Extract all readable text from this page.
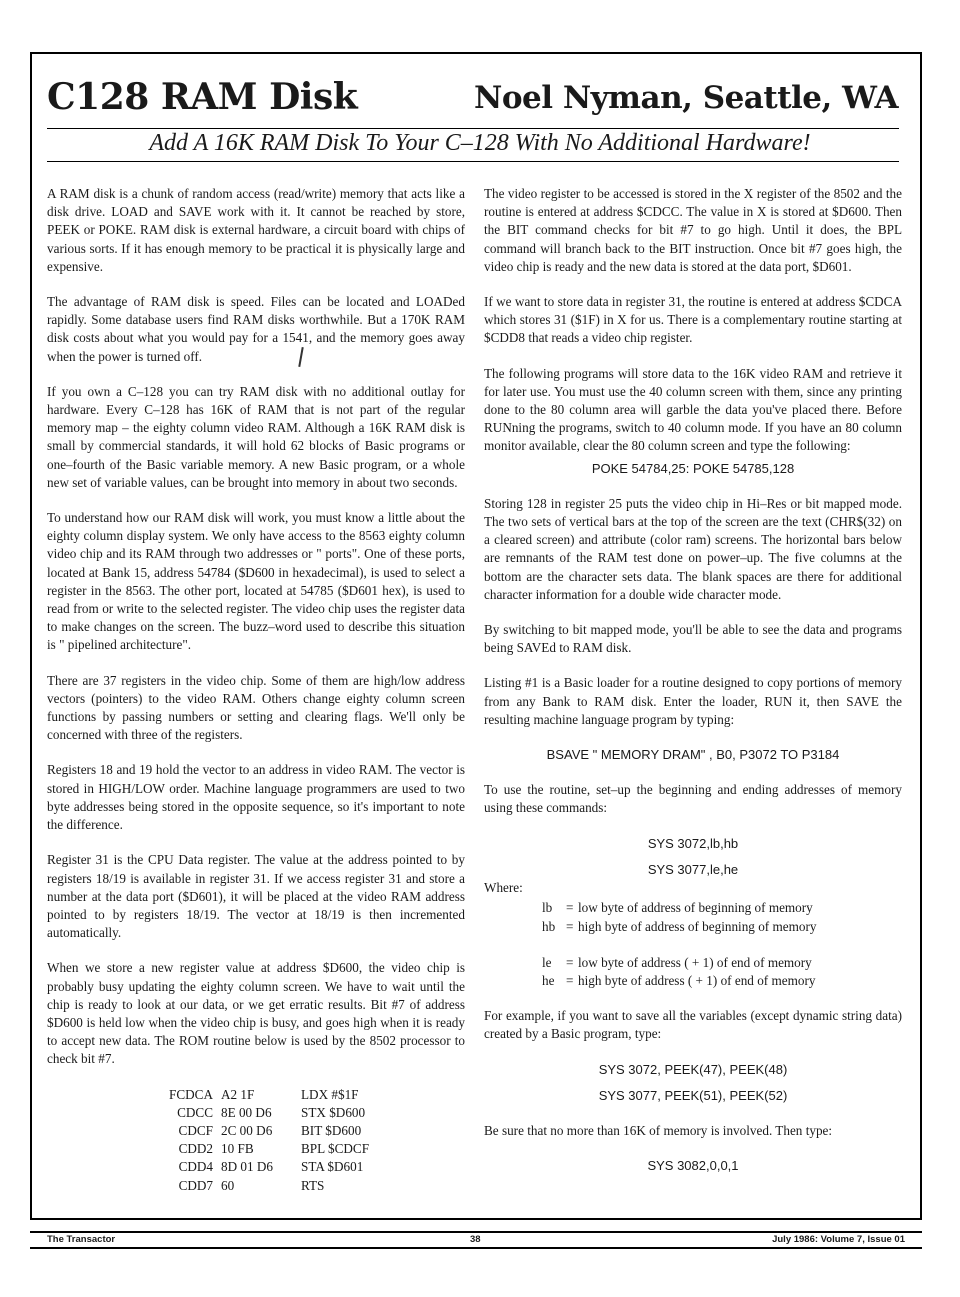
C128 RAM Disk	Noel Nyman, Seattle, WA
Add A 16K RAM Disk To Your C–128 With No Additional Hardware!

A RAM disk is a chunk of random access (read/write) memory that acts like a disk drive. LOAD and SAVE work with it. It cannot be reached by store, PEEK or POKE. RAM disk is external hardware, a circuit board with chips of various sorts. If it has enough memory to be practical it is physically large and expensive.

The advantage of RAM disk is speed. Files can be located and LOADed rapidly. Some database users find RAM disks worthwhile. But a 170K RAM disk costs about what you would pay for a 1541, and the memory goes away when the power is turned off.

If you own a C–128 you can try RAM disk with no additional outlay for hardware. Every C–128 has 16K of RAM that is not part of the regular memory map – the eighty column video RAM. Although a 16K RAM disk is small by commercial standards, it will hold 62 blocks of Basic programs or one–fourth of the Basic variable memory. A new Basic program, or a whole new set of variable values, can be brought into memory in about two seconds.

To understand how our RAM disk will work, you must know a little about the eighty column display system. We only have access to the 8563 eighty column video chip and its RAM through two addresses or " ports". One of these ports, located at Bank 15, address 54784 ($D600 in hexadecimal), is used to select a register in the 8563. The other port, located at 54785 ($D601 hex), is used to read from or write to the selected register. The video chip uses the register data to make changes on the screen. The buzz–word used to describe this situation is " pipelined architecture".

There are 37 registers in the video chip. Some of them are high/low address vectors (pointers) to the video RAM. Others change eighty column screen functions by passing numbers or setting and clearing flags. We'll only be concerned with three of the registers.

Registers 18 and 19 hold the vector to an address in video RAM. The vector is stored in HIGH/LOW order. Machine language programmers are used to two byte addresses being stored in the opposite sequence, so it's important to note the difference.

Register 31 is the CPU Data register. The value at the address pointed to by registers 18/19 is available in register 31. If we access register 31 and store a number at the data port ($D601), it will be placed at the video RAM address pointed to by registers 18/19. The vector at 18/19 is then incremented automatically.

When we store a new register value at address $D600, the video chip is probably busy updating the eighty column screen. We have to wait until the chip is ready to look at our data, or we get erratic results. Bit #7 of address $D600 is held low when the video chip is busy, and goes high when it is ready to accept new data. The ROM routine below is used by the 8502 processor to check bit #7.

FCDCA A2 1F	LDX #$1F
CDCC 8E 00 D6	STX $D600
CDCF 2C 00 D6	BIT $D600
CDD2 10 FB	BPL $CDCF
CDD4 8D 01 D6	STA $D601
CDD7 60	RTS

The video register to be accessed is stored in the X register of the 8502 and the routine is entered at address $CDCC. The value in X is stored at $D600. Then the BIT command checks for bit #7 to go high. Until it does, the BPL command will branch back to the BIT instruction. Once bit #7 goes high, the video chip is ready and the new data is stored at the data port, $D601.

If we want to store data in register 31, the routine is entered at address $CDCA which stores 31 ($1F) in X for us. There is a complementary routine starting at $CDD8 that reads a video chip register.

The following programs will store data to the 16K video RAM and retrieve it for later use. You must use the 40 column screen with them, since any printing done to the 80 column area will garble the data you've placed there. Before RUNning the programs, switch to 40 column mode. If you have an 80 column monitor available, clear the 80 column screen and type the following:

POKE 54784,25: POKE 54785,128

Storing 128 in register 25 puts the video chip in Hi–Res or bit mapped mode. The two sets of vertical bars at the top of the screen are the text (CHR$(32) on a cleared screen) and attribute (color ram) screens. The horizontal bars below are remnants of the RAM test done on power–up. The five columns at the bottom are the character sets data. The blank spaces are there for additional character information for a double wide character mode.

By switching to bit mapped mode, you'll be able to see the data and programs being SAVEd to RAM disk.

Listing #1 is a Basic loader for a routine designed to copy portions of memory from any Bank to RAM disk. Enter the loader, RUN it, then SAVE the resulting machine language program by typing:

BSAVE " MEMORY DRAM" , B0, P3072 TO P3184

To use the routine, set–up the beginning and ending addresses of memory using these commands:

SYS 3072,lb,hb
SYS 3077,le,he
Where:
lb	= low byte of address of beginning of memory
hb = high byte of address of beginning of memory
le	= low byte of address ( + 1) of end of memory
he = high byte of address ( + 1) of end of memory

For example, if you want to save all the variables (except dynamic string data) created by a Basic program, type:

SYS 3072, PEEK(47), PEEK(48)
SYS 3077, PEEK(51), PEEK(52)

Be sure that no more than 16K of memory is involved. Then type:

SYS 3082,0,0,1
The Transactor	38	July 1986: Volume 7, Issue 01
